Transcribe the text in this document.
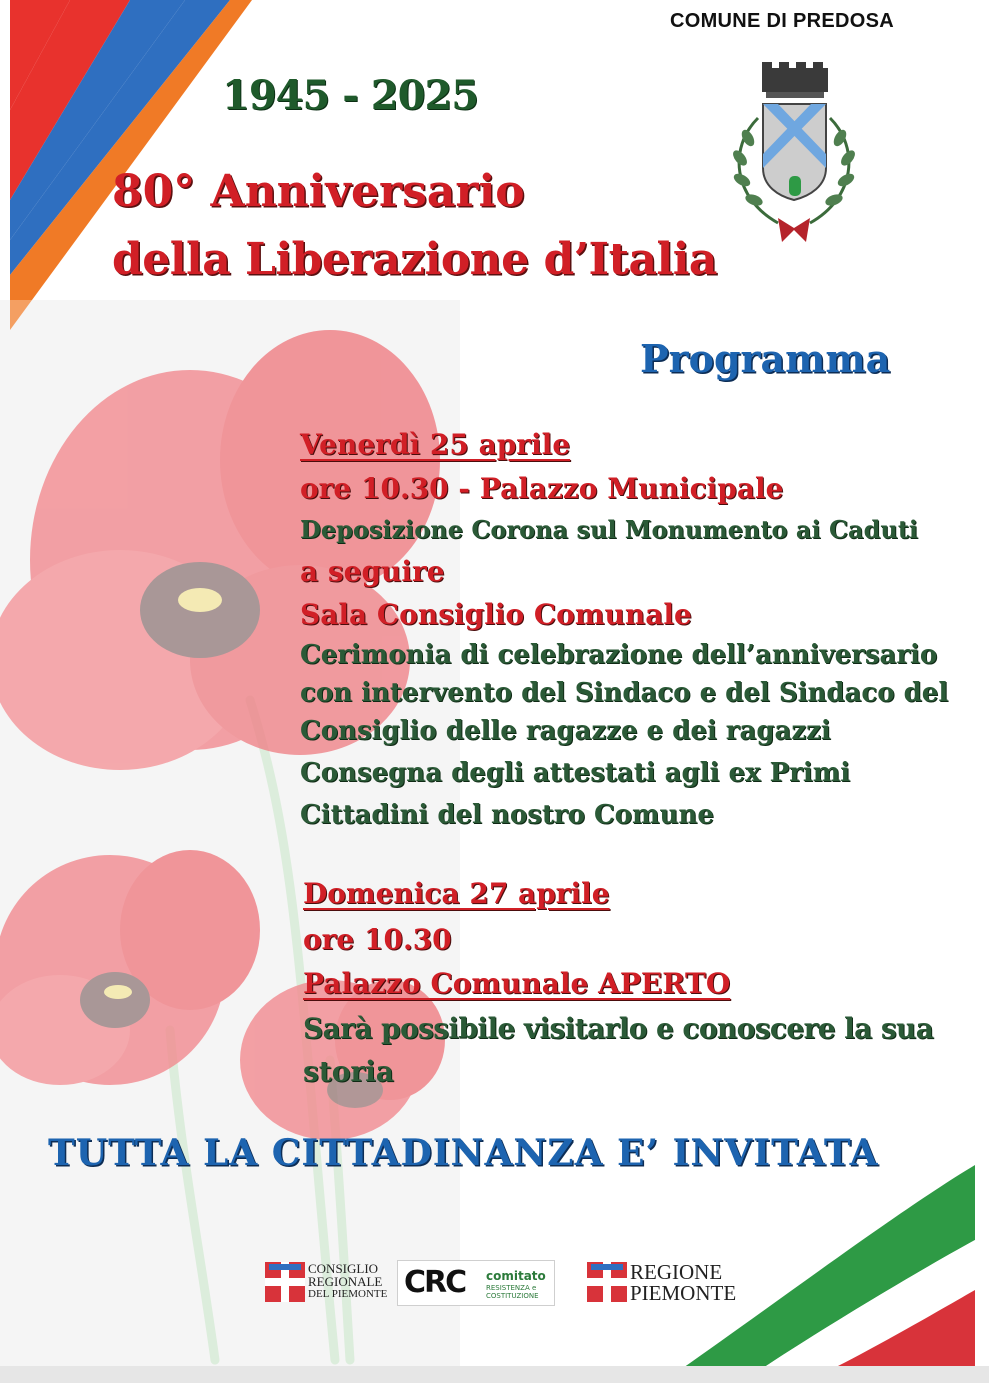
COMUNE DI PREDOSA
1945 - 2025
80° Anniversario
della Liberazione d’Italia
Programma
Venerdì 25 aprile
ore 10.30 - Palazzo Municipale
Deposizione Corona sul Monumento ai Caduti
a seguire
Sala Consiglio Comunale
Cerimonia di celebrazione dell’anniversario
con intervento del Sindaco e del Sindaco del
Consiglio delle ragazze e dei ragazzi
Consegna degli attestati agli ex Primi
Cittadini del nostro Comune
Domenica 27 aprile
ore 10.30
Palazzo Comunale APERTO
Sarà possibile visitarlo e conoscere la sua
storia
TUTTA LA CITTADINANZA E’ INVITATA
CONSIGLIO
REGIONALE
DEL PIEMONTE CRC comitato
RESISTENZA e
COSTITUZIONE
REGIONE
PIEMONTE
